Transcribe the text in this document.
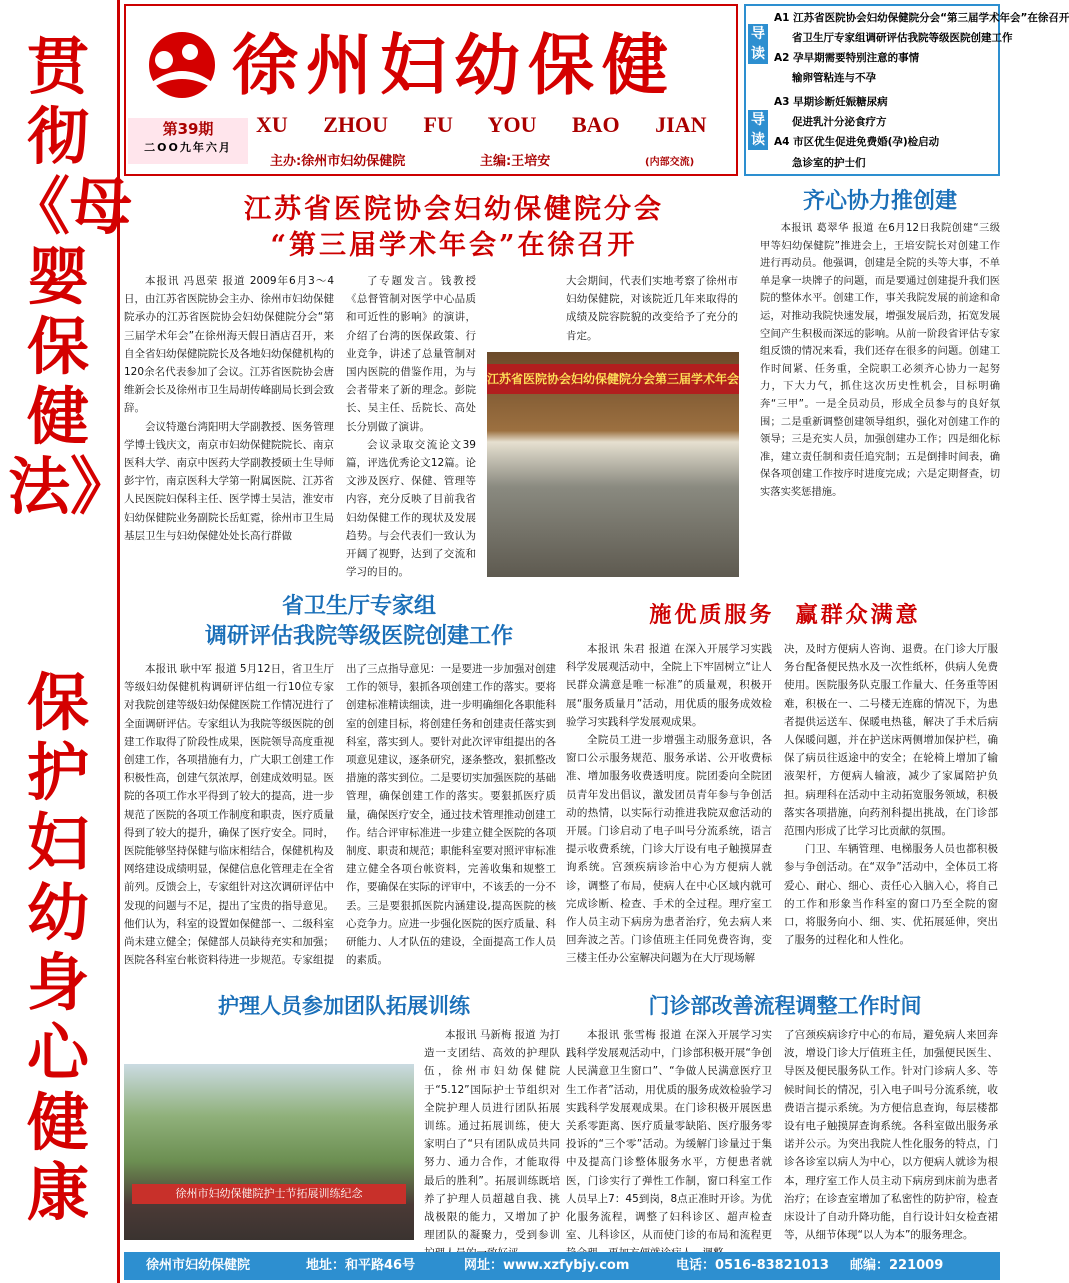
贯彻《母婴保健法》
保护妇幼身心健康
徐州妇幼保健
XU ZHOU FU YOU BAO JIAN
第39期
二OO九年六月
主办:徐州市妇幼保健院	主编:王培安	(内部交流)
导读
导读
A1 江苏省医院协会妇幼保健院分会“第三届学术年会”在徐召开
省卫生厅专家组调研评估我院等级医院创建工作
A2 孕早期需要特别注意的事情
输卵管粘连与不孕
A3 早期诊断妊娠糖尿病
促进乳汁分泌食疗方
A4 市区优生促进免费婚(孕)检启动
急诊室的护士们
江苏省医院协会妇幼保健院分会
“第三届学术年会”在徐召开

本报讯 冯恩荣 报道 2009年6月3～4日，由江苏省医院协会主办、徐州市妇幼保健院承办的江苏省医院协会妇幼保健院分会“第三届学术年会”在徐州海天假日酒店召开，来自全省妇幼保健院院长及各地妇幼保健机构的120余名代表参加了会议。江苏省医院协会唐维新会长及徐州市卫生局胡传峰副局长到会致辞。

会议特邀台湾阳明大学副教授、医务管理学博士钱庆文，南京市妇幼保健院院长、南京医科大学、南京中医药大学副教授硕士生导师彭宇竹，南京医科大学第一附属医院、江苏省人民医院妇保科主任、医学博士吴洁，淮安市妇幼保健院业务副院长岳虹霓，徐州市卫生局基层卫生与妇幼保健处处长高行群做

了专题发言。钱教授《总督管制对医学中心品质和可近性的影响》的演讲，介绍了台湾的医保政策、行业竞争，讲述了总量管制对国内医院的借鉴作用，为与会者带来了新的理念。彭院长、吴主任、岳院长、高处长分别做了演讲。

会议录取交流论文39篇，评选优秀论文12篇。论文涉及医疗、保健、管理等内容，充分反映了目前我省妇幼保健工作的现状及发展趋势。与会代表们一致认为开阔了视野，达到了交流和学习的目的。

大会期间，代表们实地考察了徐州市妇幼保健院，对该院近几年来取得的成绩及院容院貌的改变给予了充分的肯定。

江苏省医院协会妇幼保健院分会第三届学术年会
齐心协力推创建

本报讯 葛翠华 报道 在6月12日我院创建“三级甲等妇幼保健院”推进会上，王培安院长对创建工作进行再动员。他强调，创建是全院的头等大事，不单单是拿一块牌子的问题，而是要通过创建提升我们医院的整体水平。创建工作，事关我院发展的前途和命运，对推动我院快速发展，增强发展后劲，拓宽发展空间产生积极而深远的影响。从前一阶段省评估专家组反馈的情况来看，我们还存在很多的问题。创建工作时间紧、任务重，全院职工必须齐心协力一起努力，下大力气，抓住这次历史性机会，目标明确奔“三甲”。一是全员动员，形成全员参与的良好氛围；二是重新调整创建领导组织，强化对创建工作的领导；三是充实人员，加强创建办工作；四是细化标准，建立责任制和责任追究制；五是倒排时间表，确保各项创建工作按序时进度完成；六是定期督查，切实落实奖惩措施。

省卫生厅专家组
调研评估我院等级医院创建工作

本报讯 耿中军 报道 5月12日，省卫生厅等级妇幼保健机构调研评估组一行10位专家对我院创建等级妇幼保健医院工作情况进行了全面调研评估。专家组认为我院等级医院的创建工作取得了阶段性成果，医院领导高度重视创建工作，各项措施有力，广大职工创建工作积极性高，创建气氛浓厚，创建成效明显。医院的各项工作水平得到了较大的提高，进一步规范了医院的各项工作制度和职责，医疗质量得到了较大的提升，确保了医疗安全。同时，医院能够坚持保健与临床相结合，保健机构及网络建设成绩明显，保健信息化管理走在全省前列。反馈会上，专家组针对这次调研评估中发现的问题与不足，提出了宝贵的指导意见。他们认为，科室的设置如保健部一、二级科室尚未建立健全；保健部人员缺待充实和加强；医院各科室台帐资料待进一步规范。专家组提

出了三点指导意见：一是要进一步加强对创建工作的领导，狠抓各项创建工作的落实。要将创建标准精读细读，进一步明确细化各职能科室的创建目标，将创建任务和创建责任落实到科室，落实到人。要针对此次评审组提出的各项意见建议，逐条研究，逐条整改，狠抓整改措施的落实到位。二是要切实加强医院的基础管理，确保创建工作的落实。要狠抓医疗质量，确保医疗安全，通过技术管理推动创建工作。结合评审标准进一步建立健全医院的各项制度、职责和规范；职能科室要对照评审标准建立健全各项台帐资料，完善收集和规整工作，要确保在实际的评审中，不该丢的一分不丢。三是要狠抓医院内涵建设,提高医院的核心竞争力。应进一步强化医院的医疗质量、科研能力、人才队伍的建设，全面提高工作人员的素质。

施优质服务  赢群众满意

本报讯 朱君 报道 在深入开展学习实践科学发展观活动中，全院上下牢固树立“让人民群众满意是唯一标准”的质量观，积极开展“服务质量月”活动，用优质的服务成效检验学习实践科学发展观成果。

全院员工进一步增强主动服务意识，各窗口公示服务规范、服务承诺、公开收费标准、增加服务收费透明度。院团委向全院团员青年发出倡议，激发团员青年参与争创活动的热情，以实际行动推进我院双愈活动的开展。门诊启动了电子叫号分流系统，语言提示收费系统，门诊大厅设有电子触摸屏查询系统。宫颈疾病诊治中心为方便病人就诊，调整了布局，使病人在中心区域内就可完成诊断、检查、手术的全过程。理疗室工作人员主动下病房为患者治疗，免去病人来回奔波之苦。门诊值班主任同免费咨询，变三楼主任办公室解决问题为在大厅现场解

决，及时方便病人咨询、退费。在门诊大厅服务台配备便民热水及一次性纸杯，供病人免费使用。医院服务队克服工作量大、任务重等困难，积极在一、二号楼无连廊的情况下，为患者提供运送车、保暖电热毯，解决了手术后病人保暖问题，并在护送床两侧增加保护栏，确保了病员往返途中的安全；在轮椅上增加了输液架杆，方便病人输液，减少了家属陪护负担。病理科在活动中主动拓宽服务领域，积极落实各项措施，向药剂科提出挑战，在门诊部范围内形成了比学习比贡献的氛围。

门卫、车辆管理、电梯服务人员也都积极参与争创活动。在“双争”活动中，全体员工将爱心、耐心、细心、责任心入脑入心，将自己的工作和形象当作科室的窗口乃至全院的窗口，将服务向小、细、实、优拓展延伸，突出了服务的过程化和人性化。

护理人员参加团队拓展训练
徐州市妇幼保健院护士节拓展训练纪念

本报讯 马新梅 报道 为打造一支团结、高效的护理队伍，徐州市妇幼保健院于“5.12”国际护士节组织对全院护理人员进行团队拓展训练。通过拓展训练，使大家明白了“只有团队成员共同努力、通力合作，才能取得最后的胜利”。拓展训练既培养了护理人员超越自我、挑战极限的能力，又增加了护理团队的凝聚力，受到参训

门诊部改善流程调整工作时间

本报讯 张雪梅 报道 在深入开展学习实践科学发展观活动中，门诊部积极开展“争创人民满意卫生窗口”、“争做人民满意医疗卫生工作者”活动，用优质的服务成效检验学习实践科学发展观成果。在门诊积极开展医患关系零距离、医疗质量零缺陷、医疗服务零投诉的“三个零”活动。为缓解门诊量过于集中及提高门诊整体服务水平，方便患者就医，门诊实行了弹性工作制，窗口科室工作人员早上7：45到岗，8点正准时开诊。为优化服务流程，调整了妇科诊区、超声检查室、儿科诊区，从而使门诊的布局和流程更

了宫颈疾病诊疗中心的布局，避免病人来回奔波，增设门诊大厅值班主任，加强便民医生、导医及便民服务队工作。针对门诊病人多、等候时间长的情况，引入电子叫号分流系统，收费语言提示系统。为方便信息查询，每层楼都设有电子触摸屏查询系统。各科室做出服务承诺并公示。为突出我院人性化服务的特点，门诊各诊室以病人为中心，以方便病人就诊为根本，理疗室工作人员主动下病房到床前为患者治疗；在诊查室增加了私密性的防护帘，检查床设计了自动升降功能，自行设计妇女检查裙等，从细节体现“以人为本”的服务理念。

徐州市妇幼保健院	地址：和平路46号	网址：www.xzfybjy.com	电话：0516-83821013 邮编：221009
